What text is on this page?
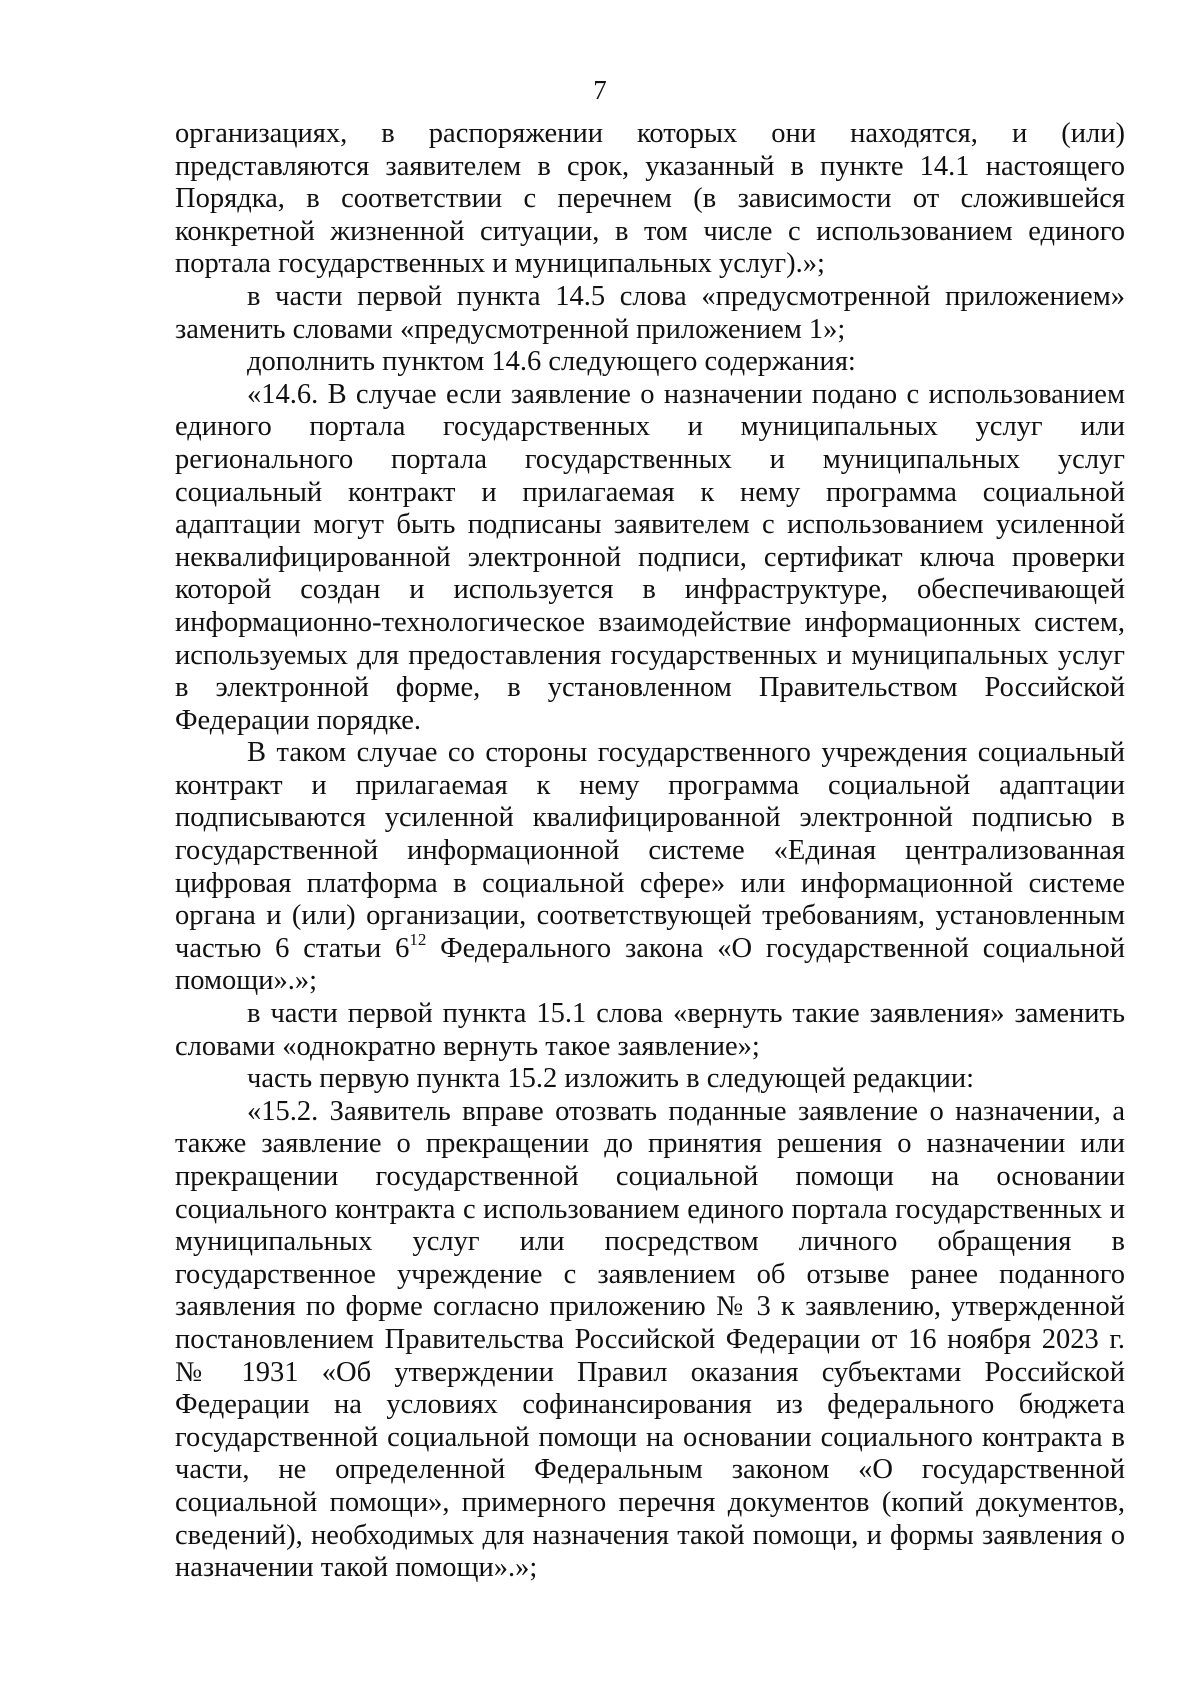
7

организациях, в распоряжении которых они находятся, и (или) представляются заявителем в срок, указанный в пункте 14.1 настоящего Порядка, в соответствии с перечнем (в зависимости от сложившейся конкретной жизненной ситуации, в том числе с использованием единого портала государственных и муниципальных услуг).»;

в части первой пункта 14.5 слова «предусмотренной приложением» заменить словами «предусмотренной приложением 1»;

дополнить пунктом 14.6 следующего содержания:

«14.6. В случае если заявление о назначении подано с использованием единого портала государственных и муниципальных услуг или регионального портала государственных и муниципальных услуг социальный контракт и прилагаемая к нему программа социальной адаптации могут быть подписаны заявителем с использованием усиленной неквалифицированной электронной подписи, сертификат ключа проверки которой создан и используется в инфраструктуре, обеспечивающей информационно-технологическое взаимодействие информационных систем, используемых для предоставления государственных и муниципальных услуг в электронной форме, в установленном Правительством Российской Федерации порядке.

В таком случае со стороны государственного учреждения социальный контракт и прилагаемая к нему программа социальной адаптации подписываются усиленной квалифицированной электронной подписью в государственной информационной системе «Единая централизованная цифровая платформа в социальной сфере» или информационной системе органа и (или) организации, соответствующей требованиям, установленным частью 6 статьи $6^{12}$ Федерального закона «О государственной социальной помощи».»;

в части первой пункта 15.1 слова «вернуть такие заявления» заменить словами «однократно вернуть такое заявление»;

часть первую пункта 15.2 изложить в следующей редакции:

«15.2. Заявитель вправе отозвать поданные заявление о назначении, а также заявление о прекращении до принятия решения о назначении или прекращении государственной социальной помощи на основании социального контракта с использованием единого портала государственных и муниципальных услуг или посредством личного обращения в государственное учреждение с заявлением об отзыве ранее поданного заявления по форме согласно приложению № 3 к заявлению, утвержденной постановлением Правительства Российской Федерации от 16 ноября 2023 г. № 1931 «Об утверждении Правил оказания субъектами Российской Федерации на условиях софинансирования из федерального бюджета государственной социальной помощи на основании социального контракта в части, не определенной Федеральным законом «О государственной социальной помощи», примерного перечня документов (копий документов, сведений), необходимых для назначения такой помощи, и формы заявления о назначении такой помощи».»;
